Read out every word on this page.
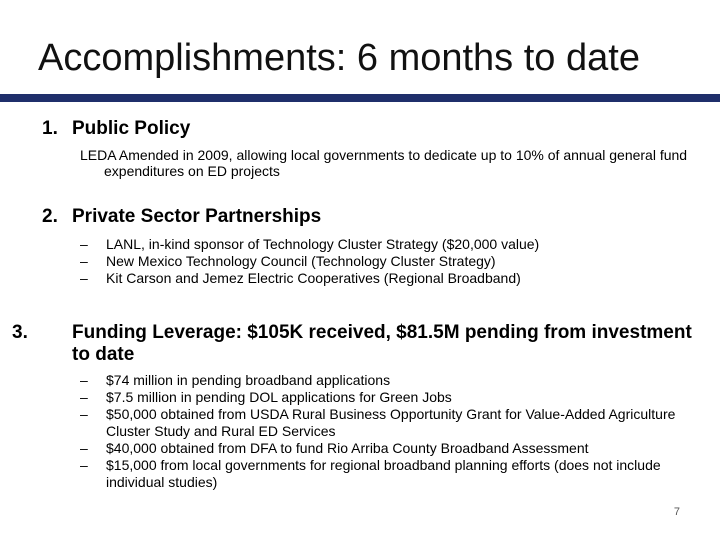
Accomplishments: 6 months to date
1. Public Policy
LEDA Amended in 2009, allowing local governments to dedicate up to 10% of annual general fund expenditures on ED projects
2. Private Sector Partnerships
– LANL, in-kind sponsor of Technology Cluster Strategy ($20,000 value)
– New Mexico Technology Council (Technology Cluster Strategy)
– Kit Carson and Jemez Electric Cooperatives (Regional Broadband)
3. Funding Leverage: $105K received, $81.5M pending from investment to date
– $74 million in pending broadband applications
– $7.5 million in pending DOL applications for Green Jobs
– $50,000 obtained from USDA Rural Business Opportunity Grant for Value-Added Agriculture Cluster Study and Rural ED Services
– $40,000 obtained from DFA to fund Rio Arriba County Broadband Assessment
– $15,000 from local governments for regional broadband planning efforts (does not include individual studies)
7
